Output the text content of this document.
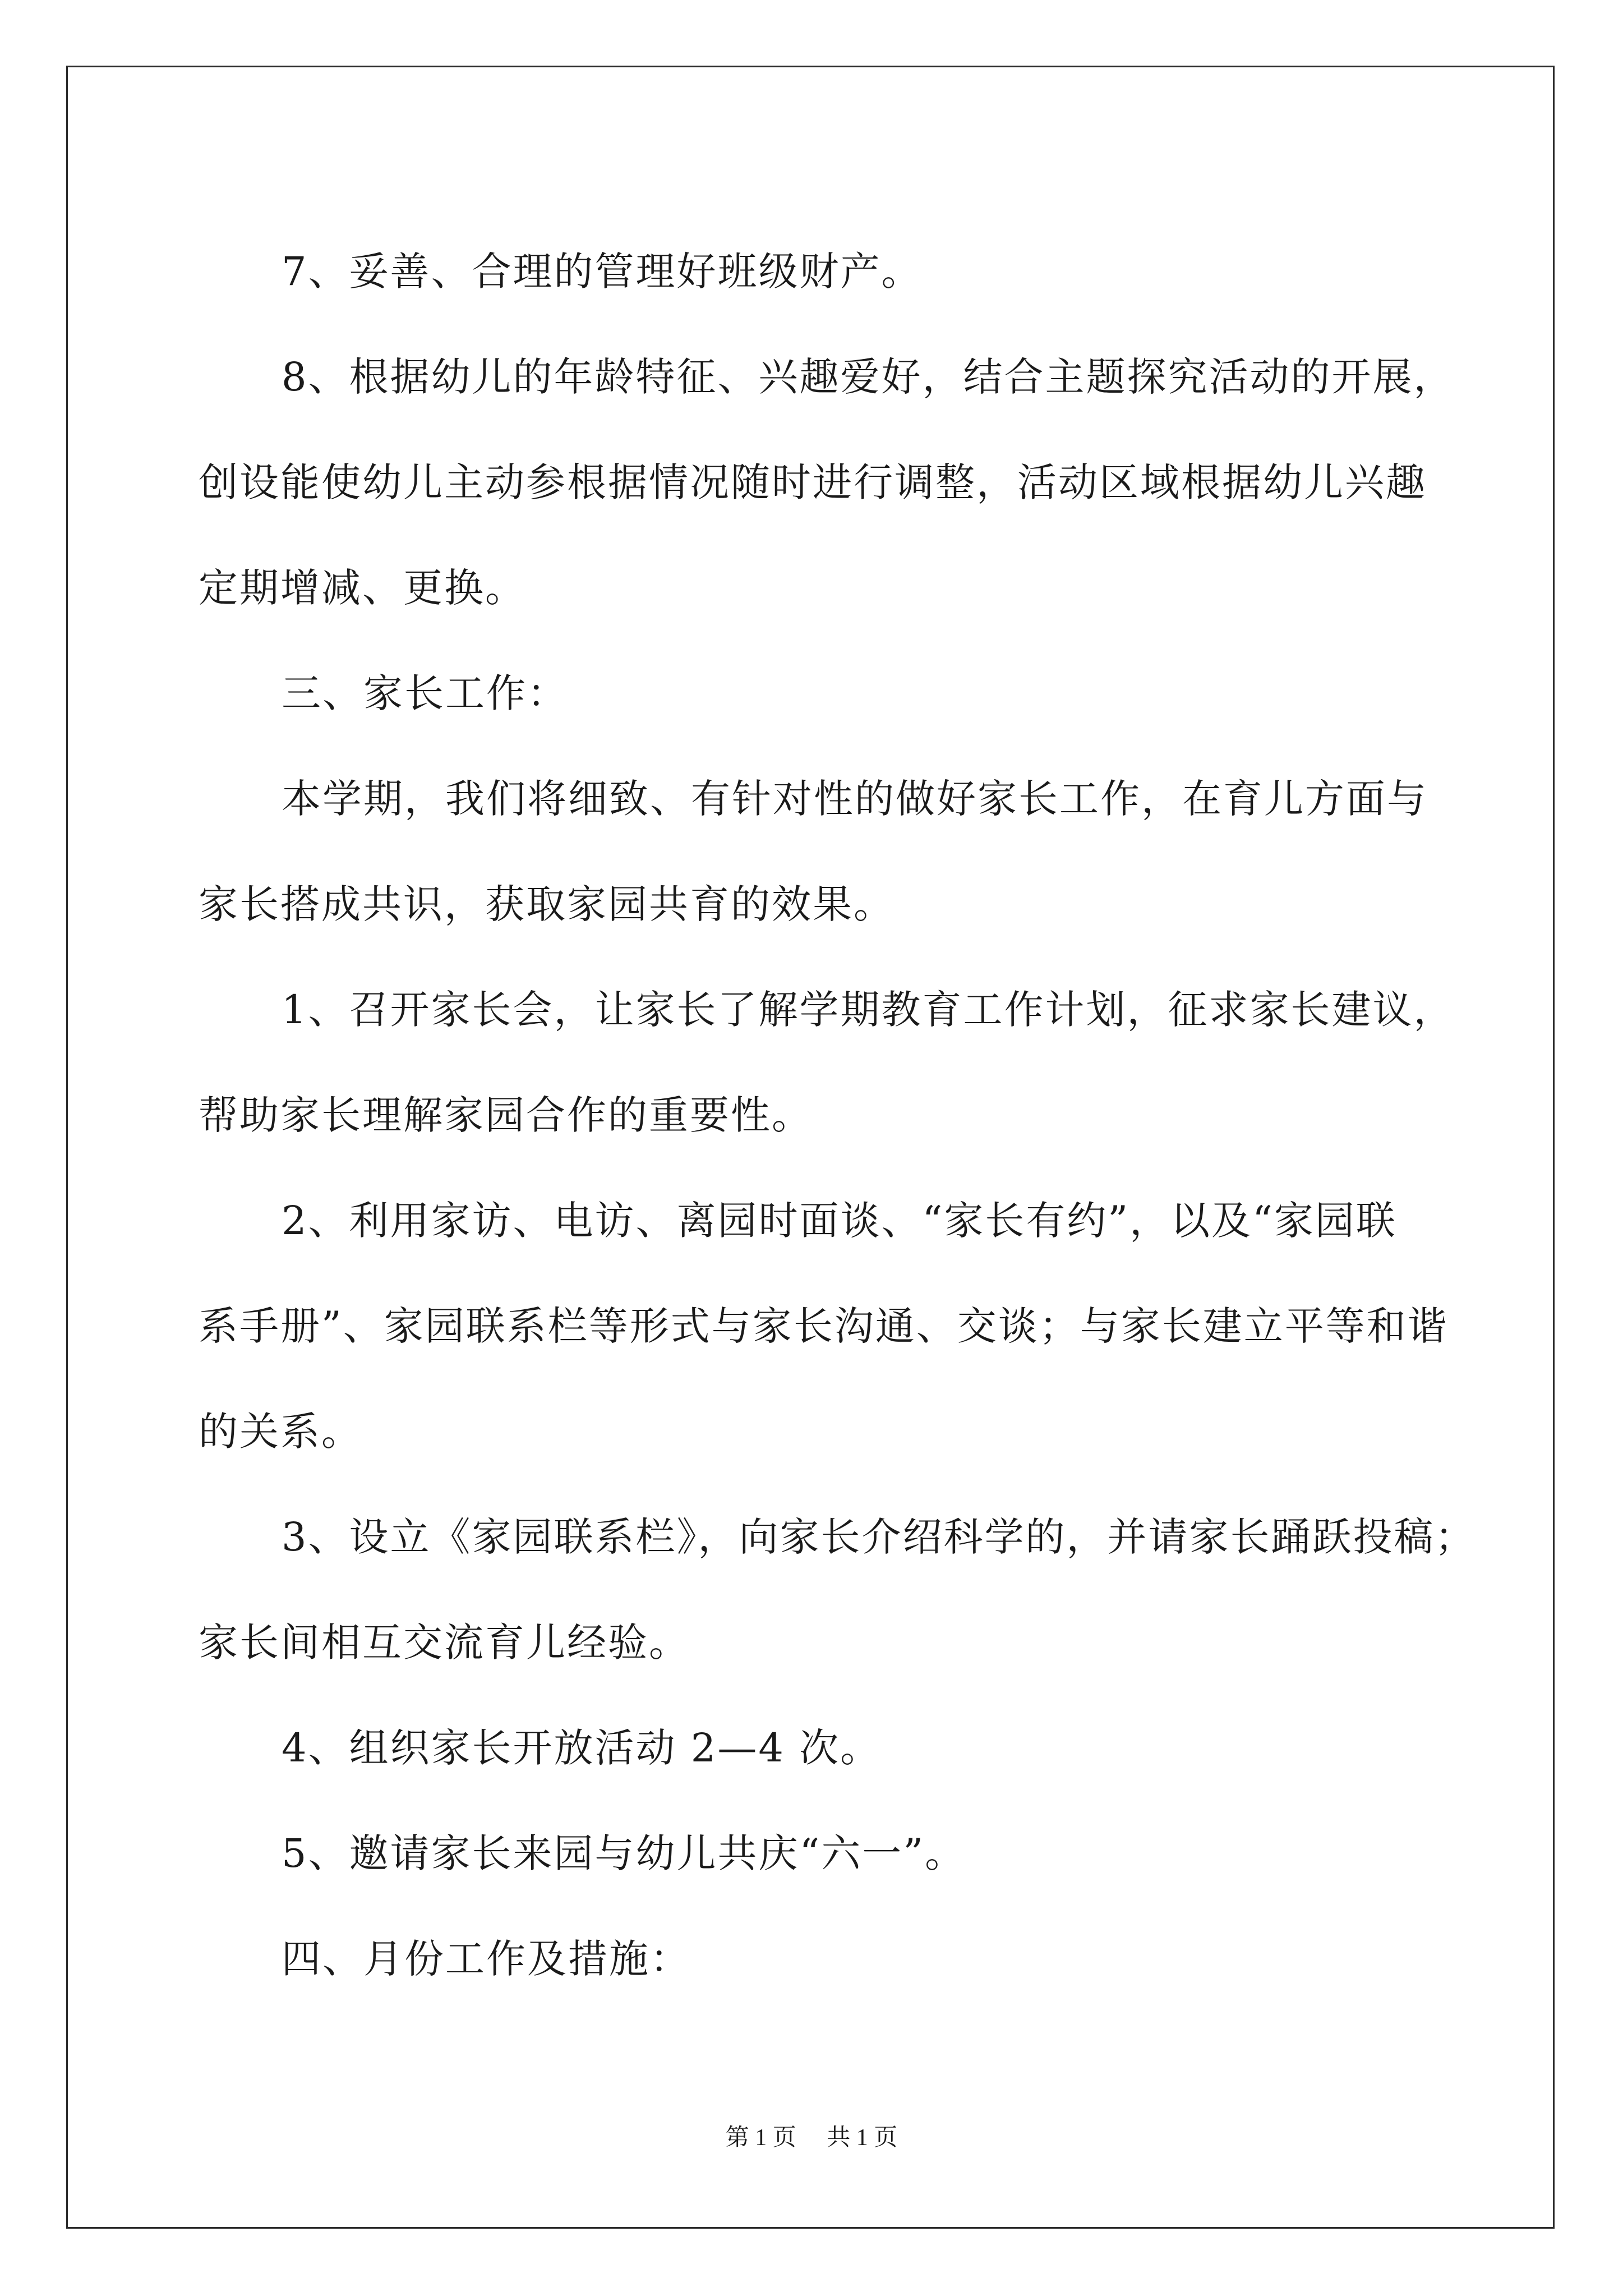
7、妥善、合理的管理好班级财产。

8、根据幼儿的年龄特征、兴趣爱好，结合主题探究活动的开展，
创设能使幼儿主动参根据情况随时进行调整，活动区域根据幼儿兴趣
定期增减、更换。

三、家长工作：

本学期，我们将细致、有针对性的做好家长工作，在育儿方面与
家长搭成共识，获取家园共育的效果。

1、召开家长会，让家长了解学期教育工作计划，征求家长建议，
帮助家长理解家园合作的重要性。

2、利用家访、电访、离园时面谈、“家长有约”，以及“家园联
系手册”、家园联系栏等形式与家长沟通、交谈；与家长建立平等和谐
的关系。

3、设立《家园联系栏》，向家长介绍科学的，并请家长踊跃投稿；
家长间相互交流育儿经验。

4、组织家长开放活动 2—4 次。

5、邀请家长来园与幼儿共庆“六一”。

四、月份工作及措施：

第 1 页 共 1 页
